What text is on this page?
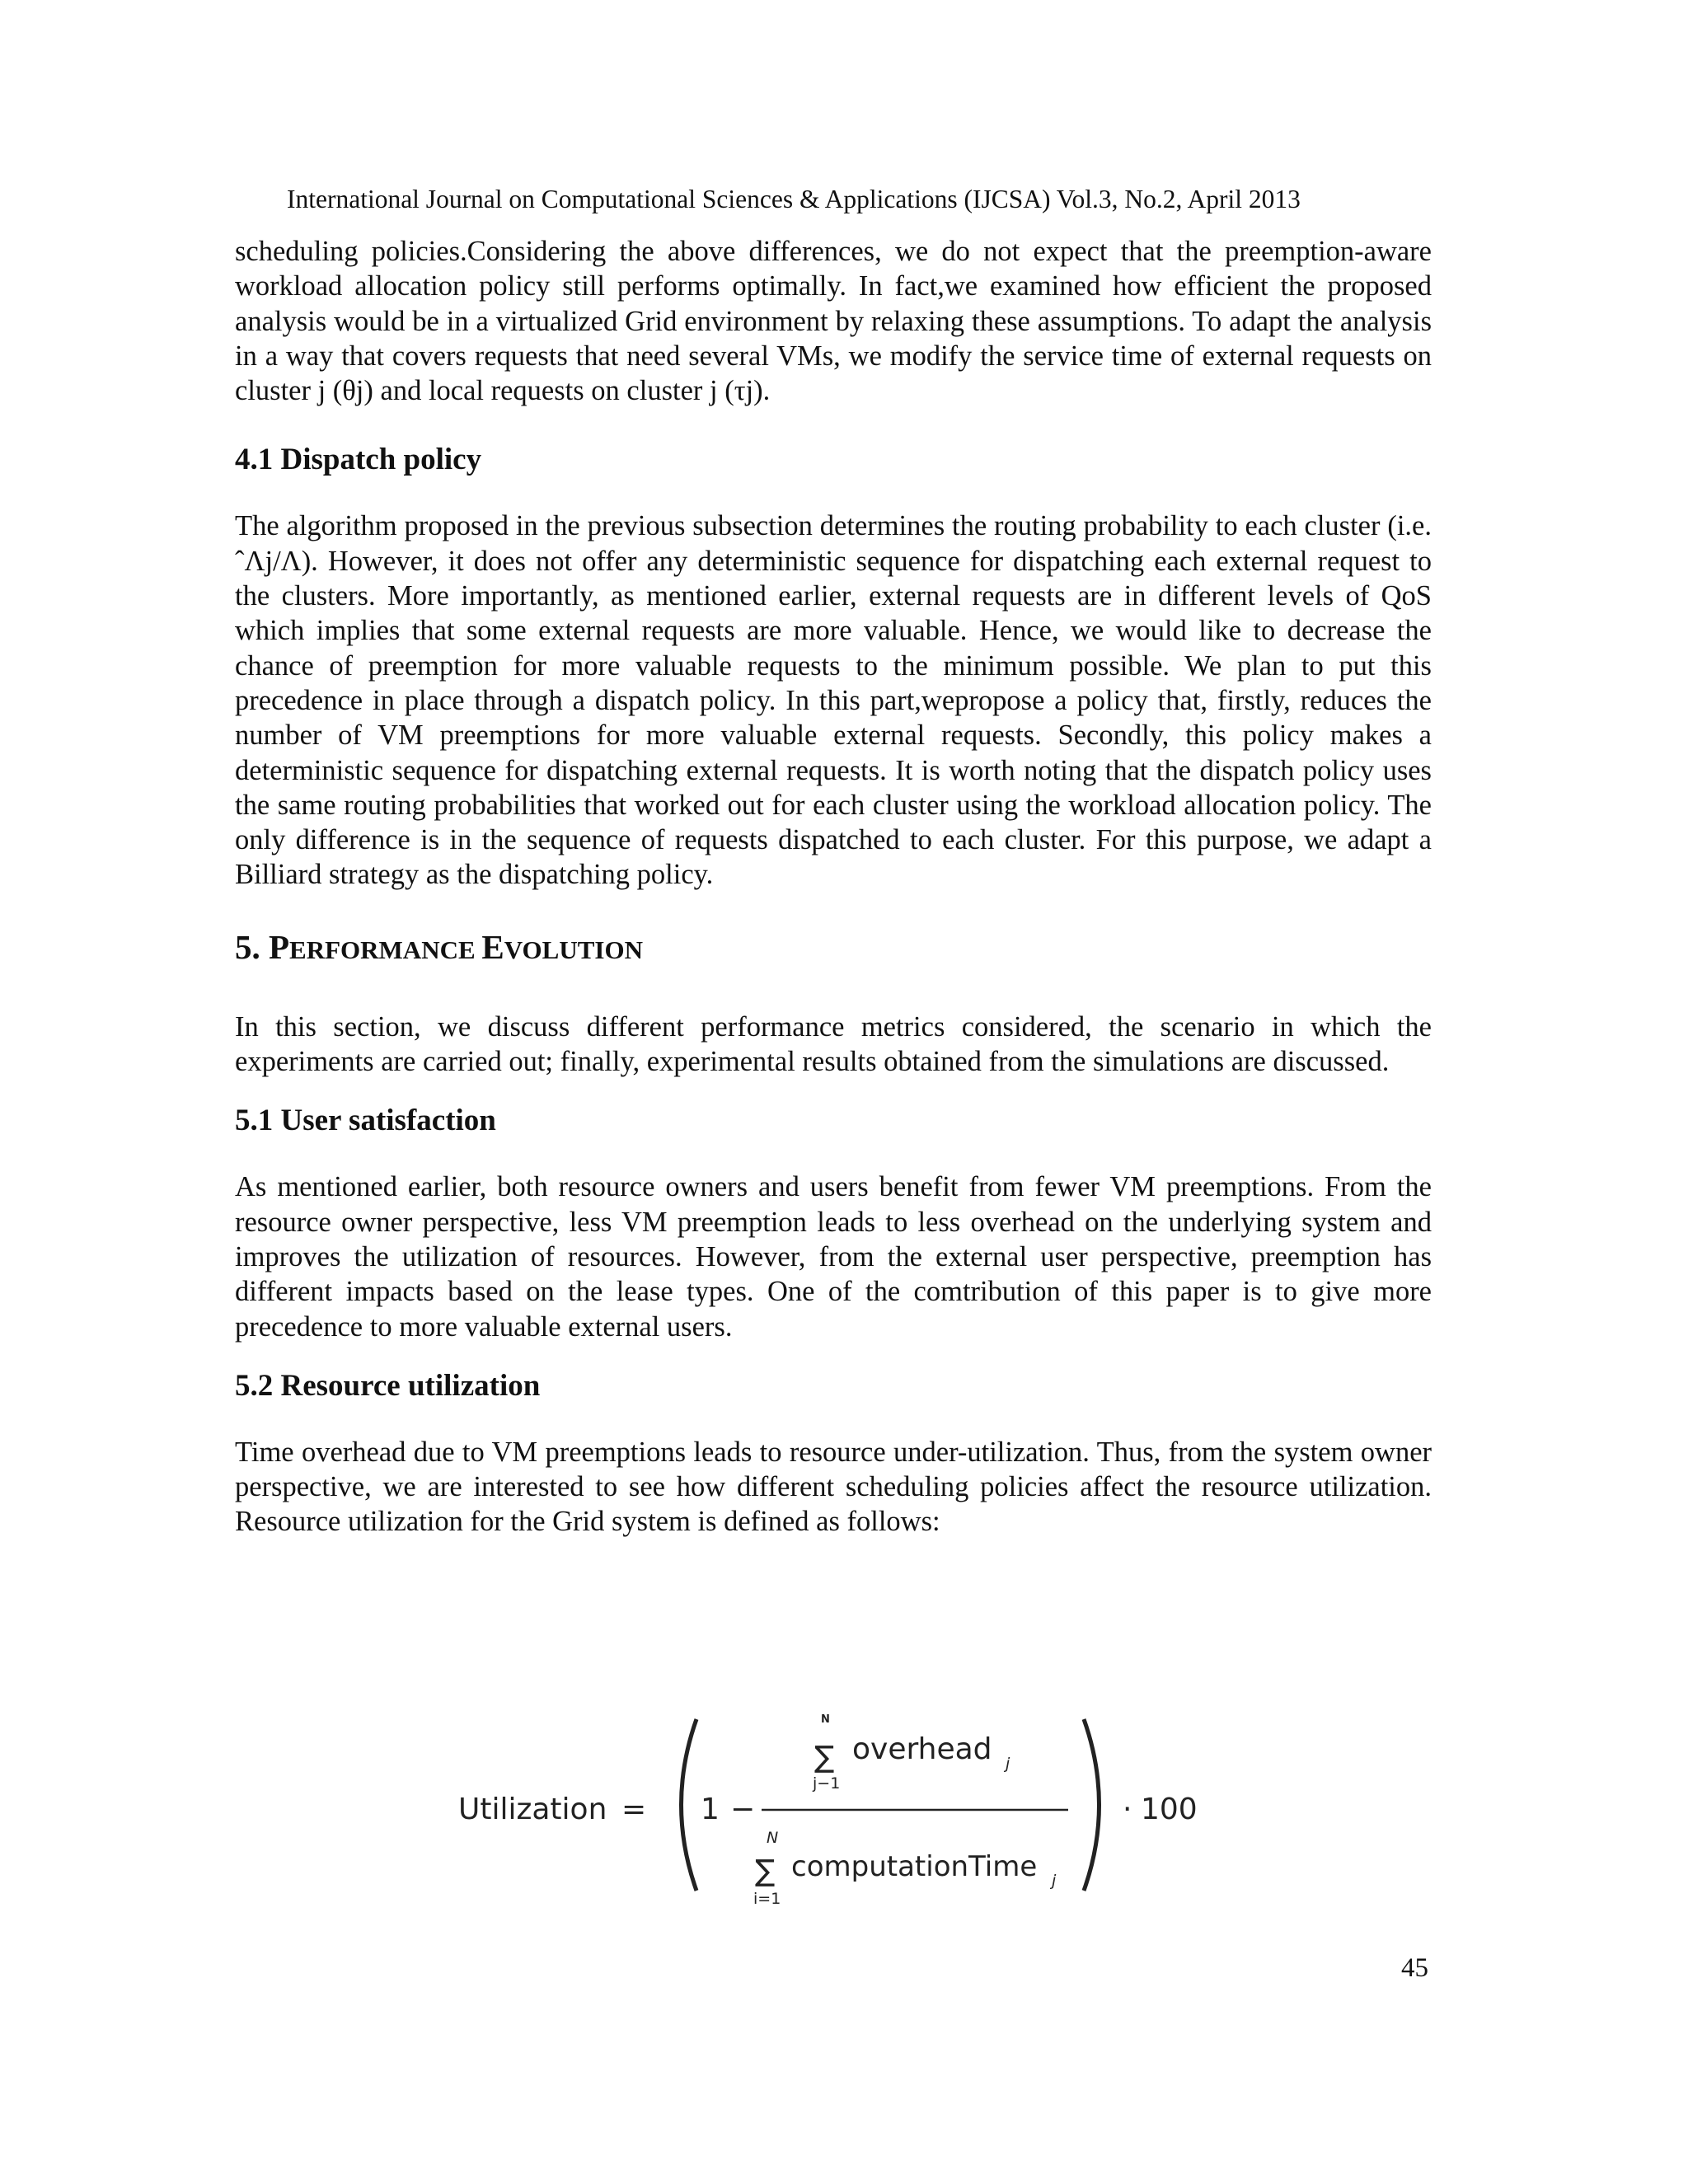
International Journal on Computational Sciences & Applications (IJCSA) Vol.3, No.2, April 2013

scheduling policies.Considering the above differences, we do not expect that the preemption-aware workload allocation policy still performs optimally. In fact,we examined how efficient the proposed analysis would be in a virtualized Grid environment by relaxing these assumptions. To adapt the analysis in a way that covers requests that need several VMs, we modify the service time of external requests on cluster j (θj) and local requests on cluster j (τj).

4.1 Dispatch policy

The algorithm proposed in the previous subsection determines the routing probability to each cluster (i.e. ˆΛj/Λ). However, it does not offer any deterministic sequence for dispatching each external request to the clusters. More importantly, as mentioned earlier, external requests are in different levels of QoS which implies that some external requests are more valuable. Hence, we would like to decrease the chance of preemption for more valuable requests to the minimum possible. We plan to put this precedence in place through a dispatch policy. In this part,wepropose a policy that, firstly, reduces the number of VM preemptions for more valuable external requests. Secondly, this policy makes a deterministic sequence for dispatching external requests. It is worth noting that the dispatch policy uses the same routing probabilities that worked out for each cluster using the workload allocation policy. The only difference is in the sequence of requests dispatched to each cluster. For this purpose, we adapt a Billiard strategy as the dispatching policy.

5. PERFORMANCE EVOLUTION

In this section, we discuss different performance metrics considered, the scenario in which the experiments are carried out; finally, experimental results obtained from the simulations are discussed.

5.1 User satisfaction

As mentioned earlier, both resource owners and users benefit from fewer VM preemptions. From the resource owner perspective, less VM preemption leads to less overhead on the underlying system and improves the utilization of resources. However, from the external user perspective, preemption has different impacts based on the lease types. One of the comtribution of this paper is to give more precedence to more valuable external users.

5.2 Resource utilization

Time overhead due to VM preemptions leads to resource under-utilization. Thus, from the system owner perspective, we are interested to see how different scheduling policies affect the resource utilization. Resource utilization for the Grid system is defined as follows:

Utilization = 1 −
N
∑
j−1
overhead j
N
∑
i=1
computationTime j
· 100
45
